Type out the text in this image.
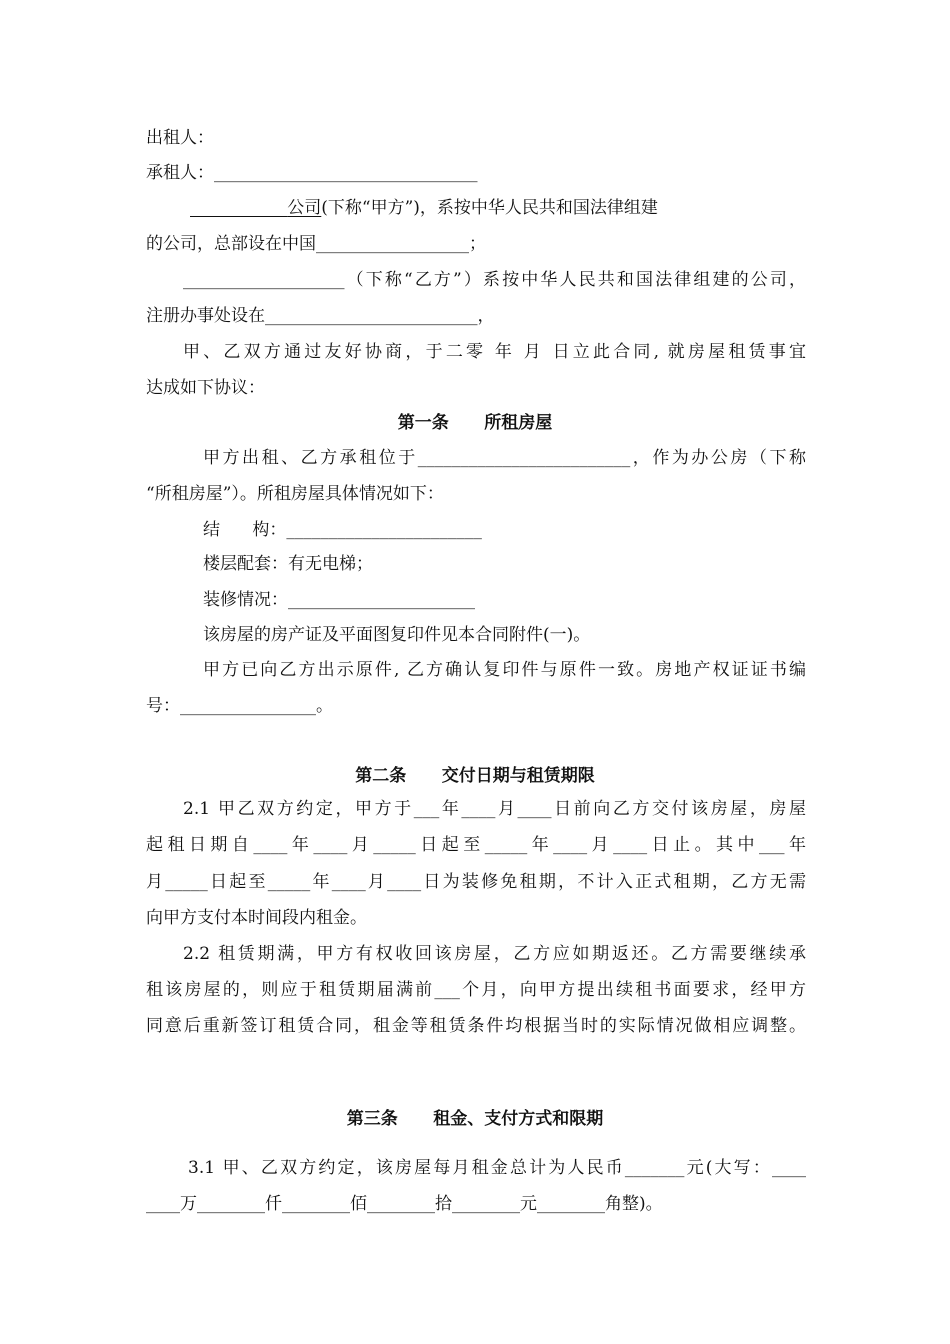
出租人：
承租人：_______________________________
公司(下称“甲方”)，系按中华人民共和国法律组建
的公司，总部设在中国__________________；
___________________（下称“乙方”）系按中华人民共和国法律组建的公司，
注册办事处设在_________________________，
甲、乙双方通过友好协商，于二零 年 月 日立此合同, 就房屋租赁事宜
达成如下协议：
第一条      所租房屋
甲方出租、乙方承租位于_________________________，作为办公房（下称
“所租房屋”）。所租房屋具体情况如下：
结      构：_______________________
楼层配套：有无电梯；
装修情况：______________________
该房屋的房产证及平面图复印件见本合同附件(一)。
甲方已向乙方出示原件, 乙方确认复印件与原件一致。房地产权证证书编
号：________________。
第二条      交付日期与租赁期限
2.1 甲乙双方约定，甲方于___年____月____日前向乙方交付该房屋，房屋
起租日期自____年____月_____日起至_____年____月____日止。其中___年
月_____日起至_____年____月____日为装修免租期，不计入正式租期，乙方无需
向甲方支付本时间段内租金。
2.2 租赁期满，甲方有权收回该房屋，乙方应如期返还。乙方需要继续承
租该房屋的，则应于租赁期届满前___个月，向甲方提出续租书面要求，经甲方
同意后重新签订租赁合同，租金等租赁条件均根据当时的实际情况做相应调整。
第三条      租金、支付方式和限期
3.1 甲、乙双方约定，该房屋每月租金总计为人民币_______元(大写：____
____万________仟________佰________拾________元________角整)。
